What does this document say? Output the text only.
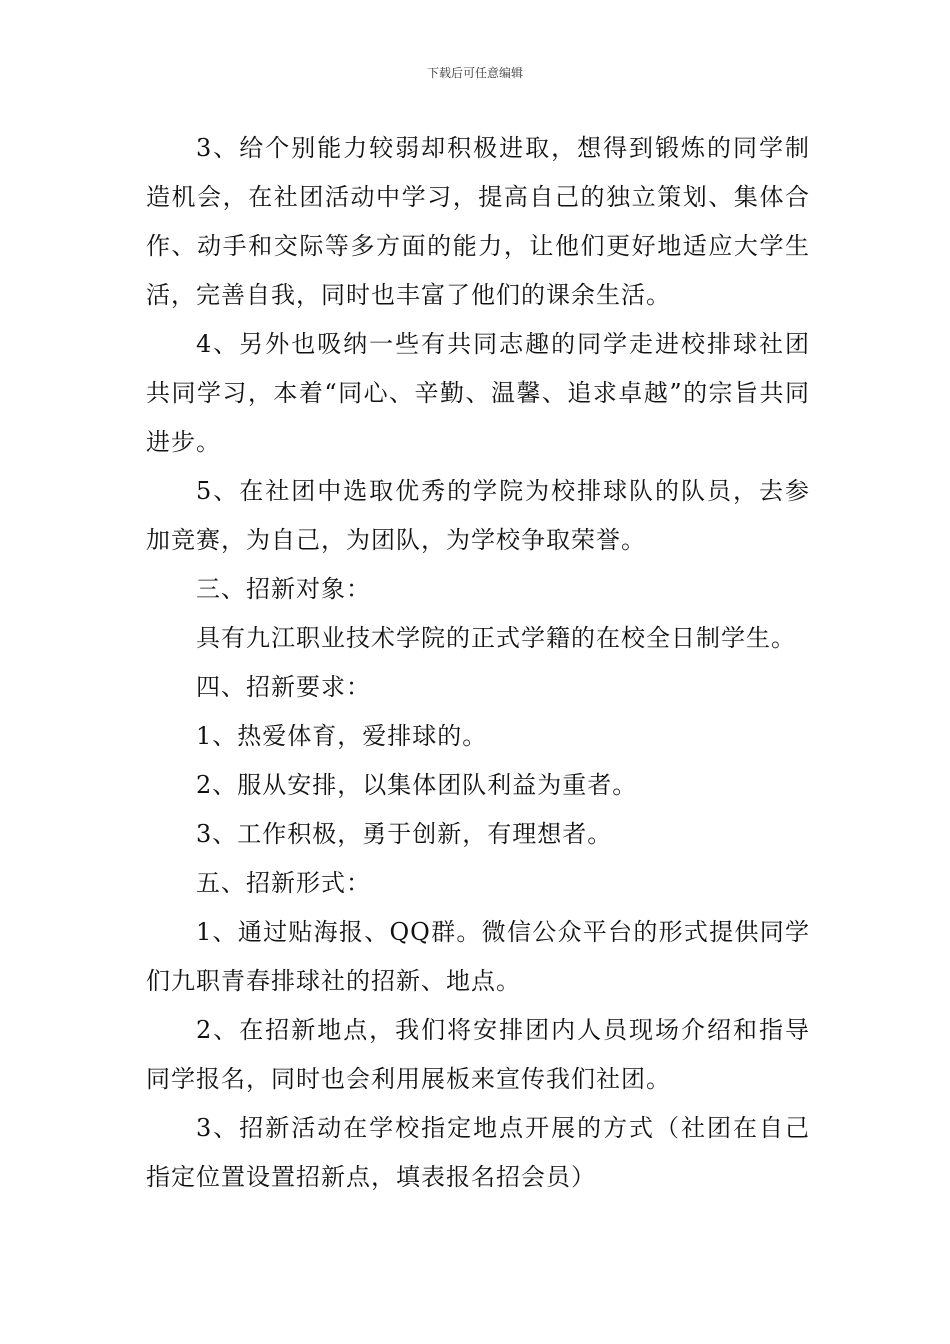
下载后可任意编辑

3、给个别能力较弱却积极进取，想得到锻炼的同学制造机会，在社团活动中学习，提高自己的独立策划、集体合作、动手和交际等多方面的能力，让他们更好地适应大学生活，完善自我，同时也丰富了他们的课余生活。

4、另外也吸纳一些有共同志趣的同学走进校排球社团共同学习，本着“同心、辛勤、温馨、追求卓越”的宗旨共同进步。

5、在社团中选取优秀的学院为校排球队的队员，去参加竞赛，为自己，为团队，为学校争取荣誉。

三、招新对象：

具有九江职业技术学院的正式学籍的在校全日制学生。

四、招新要求：

1、热爱体育，爱排球的。

2、服从安排，以集体团队利益为重者。

3、工作积极，勇于创新，有理想者。

五、招新形式：

1、通过贴海报、QQ群。微信公众平台的形式提供同学们九职青春排球社的招新、地点。

2、在招新地点，我们将安排团内人员现场介绍和指导同学报名，同时也会利用展板来宣传我们社团。

3、招新活动在学校指定地点开展的方式（社团在自己指定位置设置招新点，填表报名招会员）
